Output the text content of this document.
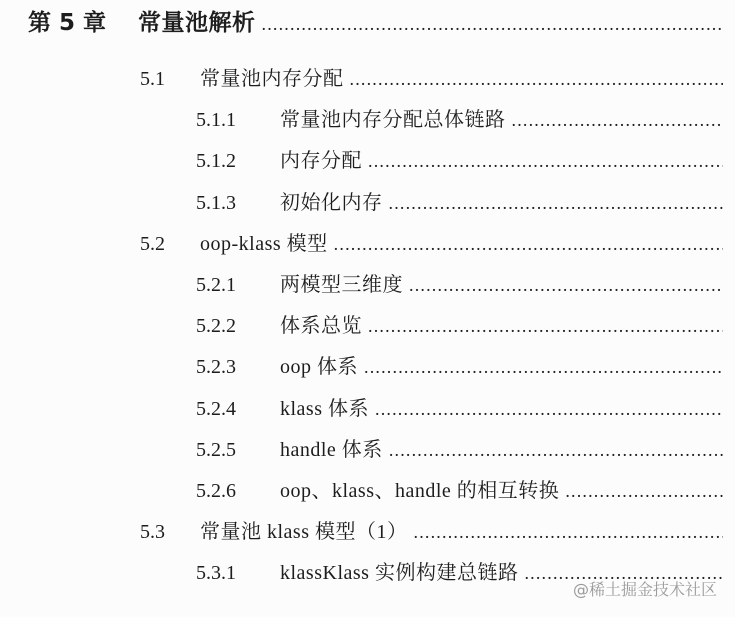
第 5 章	常量池解析
.....
5.1	常量池内存分配
.....
5.1.1	常量池内存分配总体链路
.....
5.1.2	内存分配
.....
5.1.3	初始化内存
.....
5.2	oop-klass 模型
.....
5.2.1	两模型三维度
.....
5.2.2	体系总览
.....
5.2.3	oop 体系
.....
5.2.4	klass 体系
.....
5.2.5	handle 体系
.....
5.2.6	oop、klass、handle 的相互转换
.....
5.3	常量池 klass 模型（1）
.....
5.3.1	klassKlass 实例构建总链路
.....
@稀土掘金技术社区
